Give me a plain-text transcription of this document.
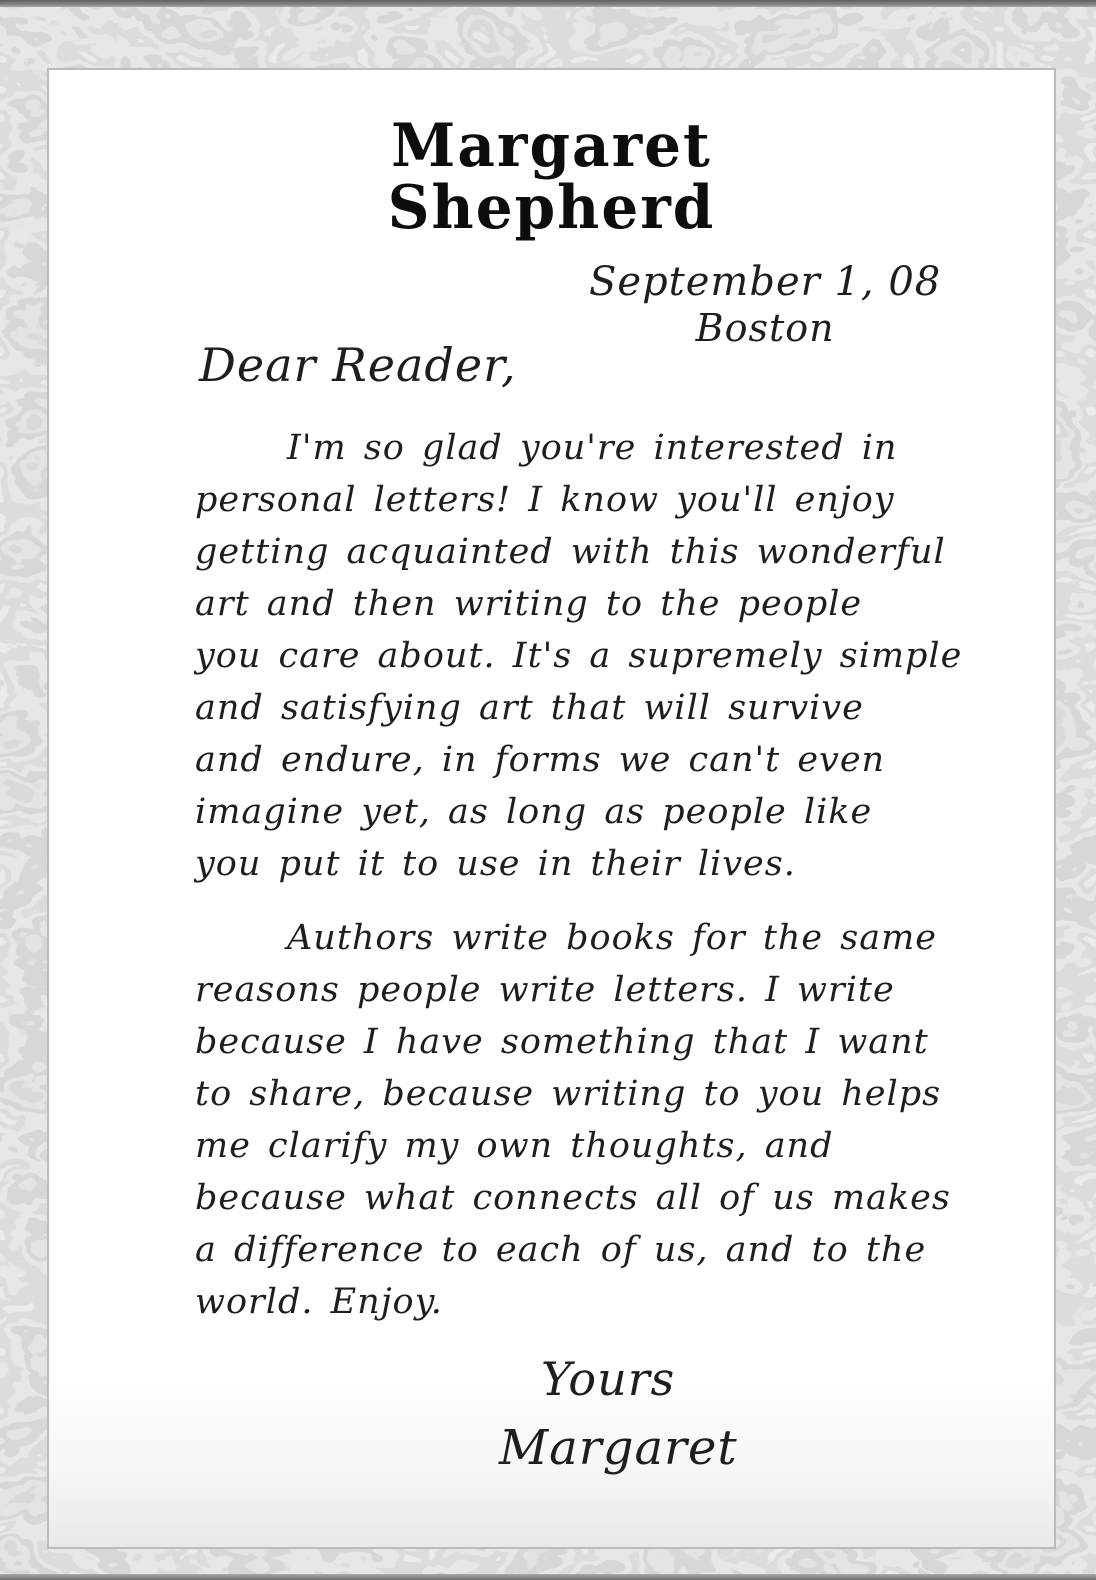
Margaret
Shepherd
September 1, 08
Boston
Dear Reader,
I'm so glad you're interested in
personal letters! I know you'll enjoy
getting acquainted with this wonderful
art and then writing to the people
you care about. It's a supremely simple
and satisfying art that will survive
and endure, in forms we can't even
imagine yet, as long as people like
you put it to use in their lives.
Authors write books for the same
reasons people write letters. I write
because I have something that I want
to share, because writing to you helps
me clarify my own thoughts, and
because what connects all of us makes
a difference to each of us, and to the
world. Enjoy.
Yours
Margaret
